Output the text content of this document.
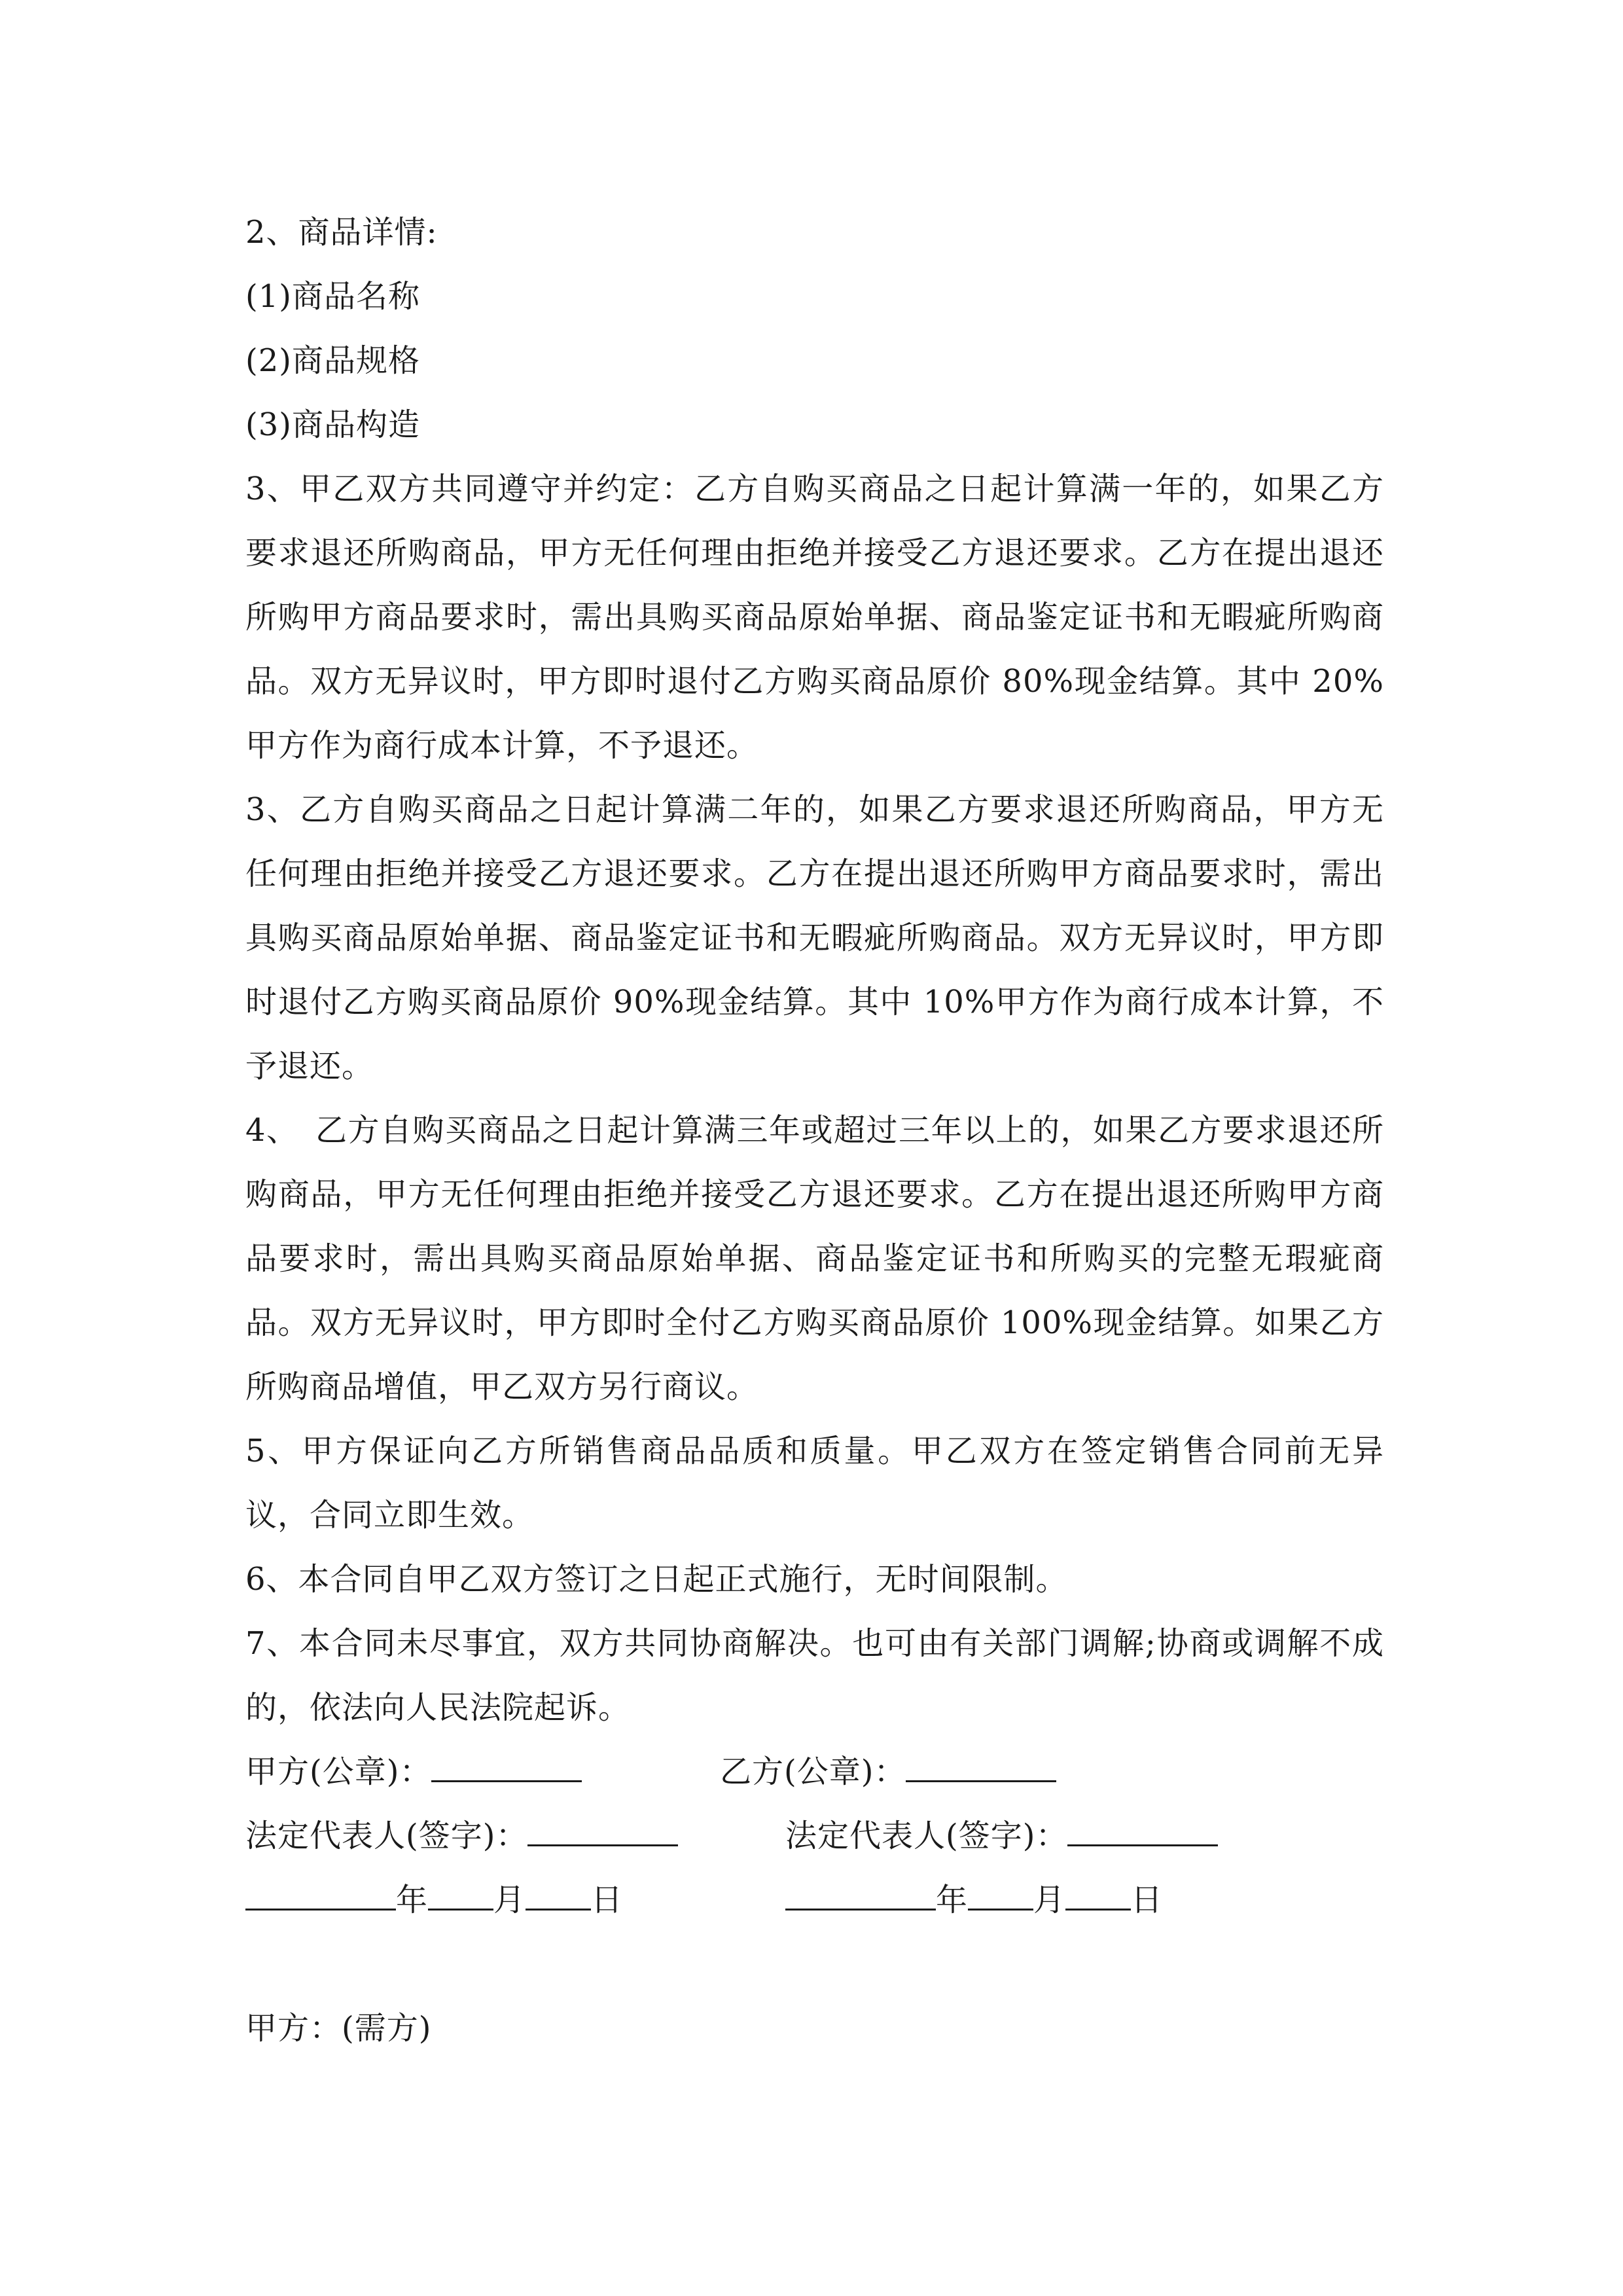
2、商品详情:
(1)商品名称
(2)商品规格
(3)商品构造
3、甲乙双方共同遵守并约定：乙方自购买商品之日起计算满一年的，如果乙方要求退还所购商品，甲方无任何理由拒绝并接受乙方退还要求。乙方在提出退还所购甲方商品要求时，需出具购买商品原始单据、商品鉴定证书和无暇疵所购商品。双方无异议时，甲方即时退付乙方购买商品原价 80%现金结算。其中 20%甲方作为商行成本计算，不予退还。
3、乙方自购买商品之日起计算满二年的，如果乙方要求退还所购商品，甲方无任何理由拒绝并接受乙方退还要求。乙方在提出退还所购甲方商品要求时，需出具购买商品原始单据、商品鉴定证书和无暇疵所购商品。双方无异议时，甲方即时退付乙方购买商品原价 90%现金结算。其中 10%甲方作为商行成本计算，不予退还。
4、　乙方自购买商品之日起计算满三年或超过三年以上的，如果乙方要求退还所购商品，甲方无任何理由拒绝并接受乙方退还要求。乙方在提出退还所购甲方商品要求时，需出具购买商品原始单据、商品鉴定证书和所购买的完整无瑕疵商品。双方无异议时，甲方即时全付乙方购买商品原价 100%现金结算。如果乙方所购商品增值，甲乙双方另行商议。
5、甲方保证向乙方所销售商品品质和质量。甲乙双方在签定销售合同前无异议，合同立即生效。
6、本合同自甲乙双方签订之日起正式施行，无时间限制。
7、本合同未尽事宜，双方共同协商解决。也可由有关部门调解;协商或调解不成的，依法向人民法院起诉。
甲方(公章)：	乙方(公章)：
法定代表人(签字)：	法定代表人(签字)：
年 月 日	年 月 日
甲方：(需方)
